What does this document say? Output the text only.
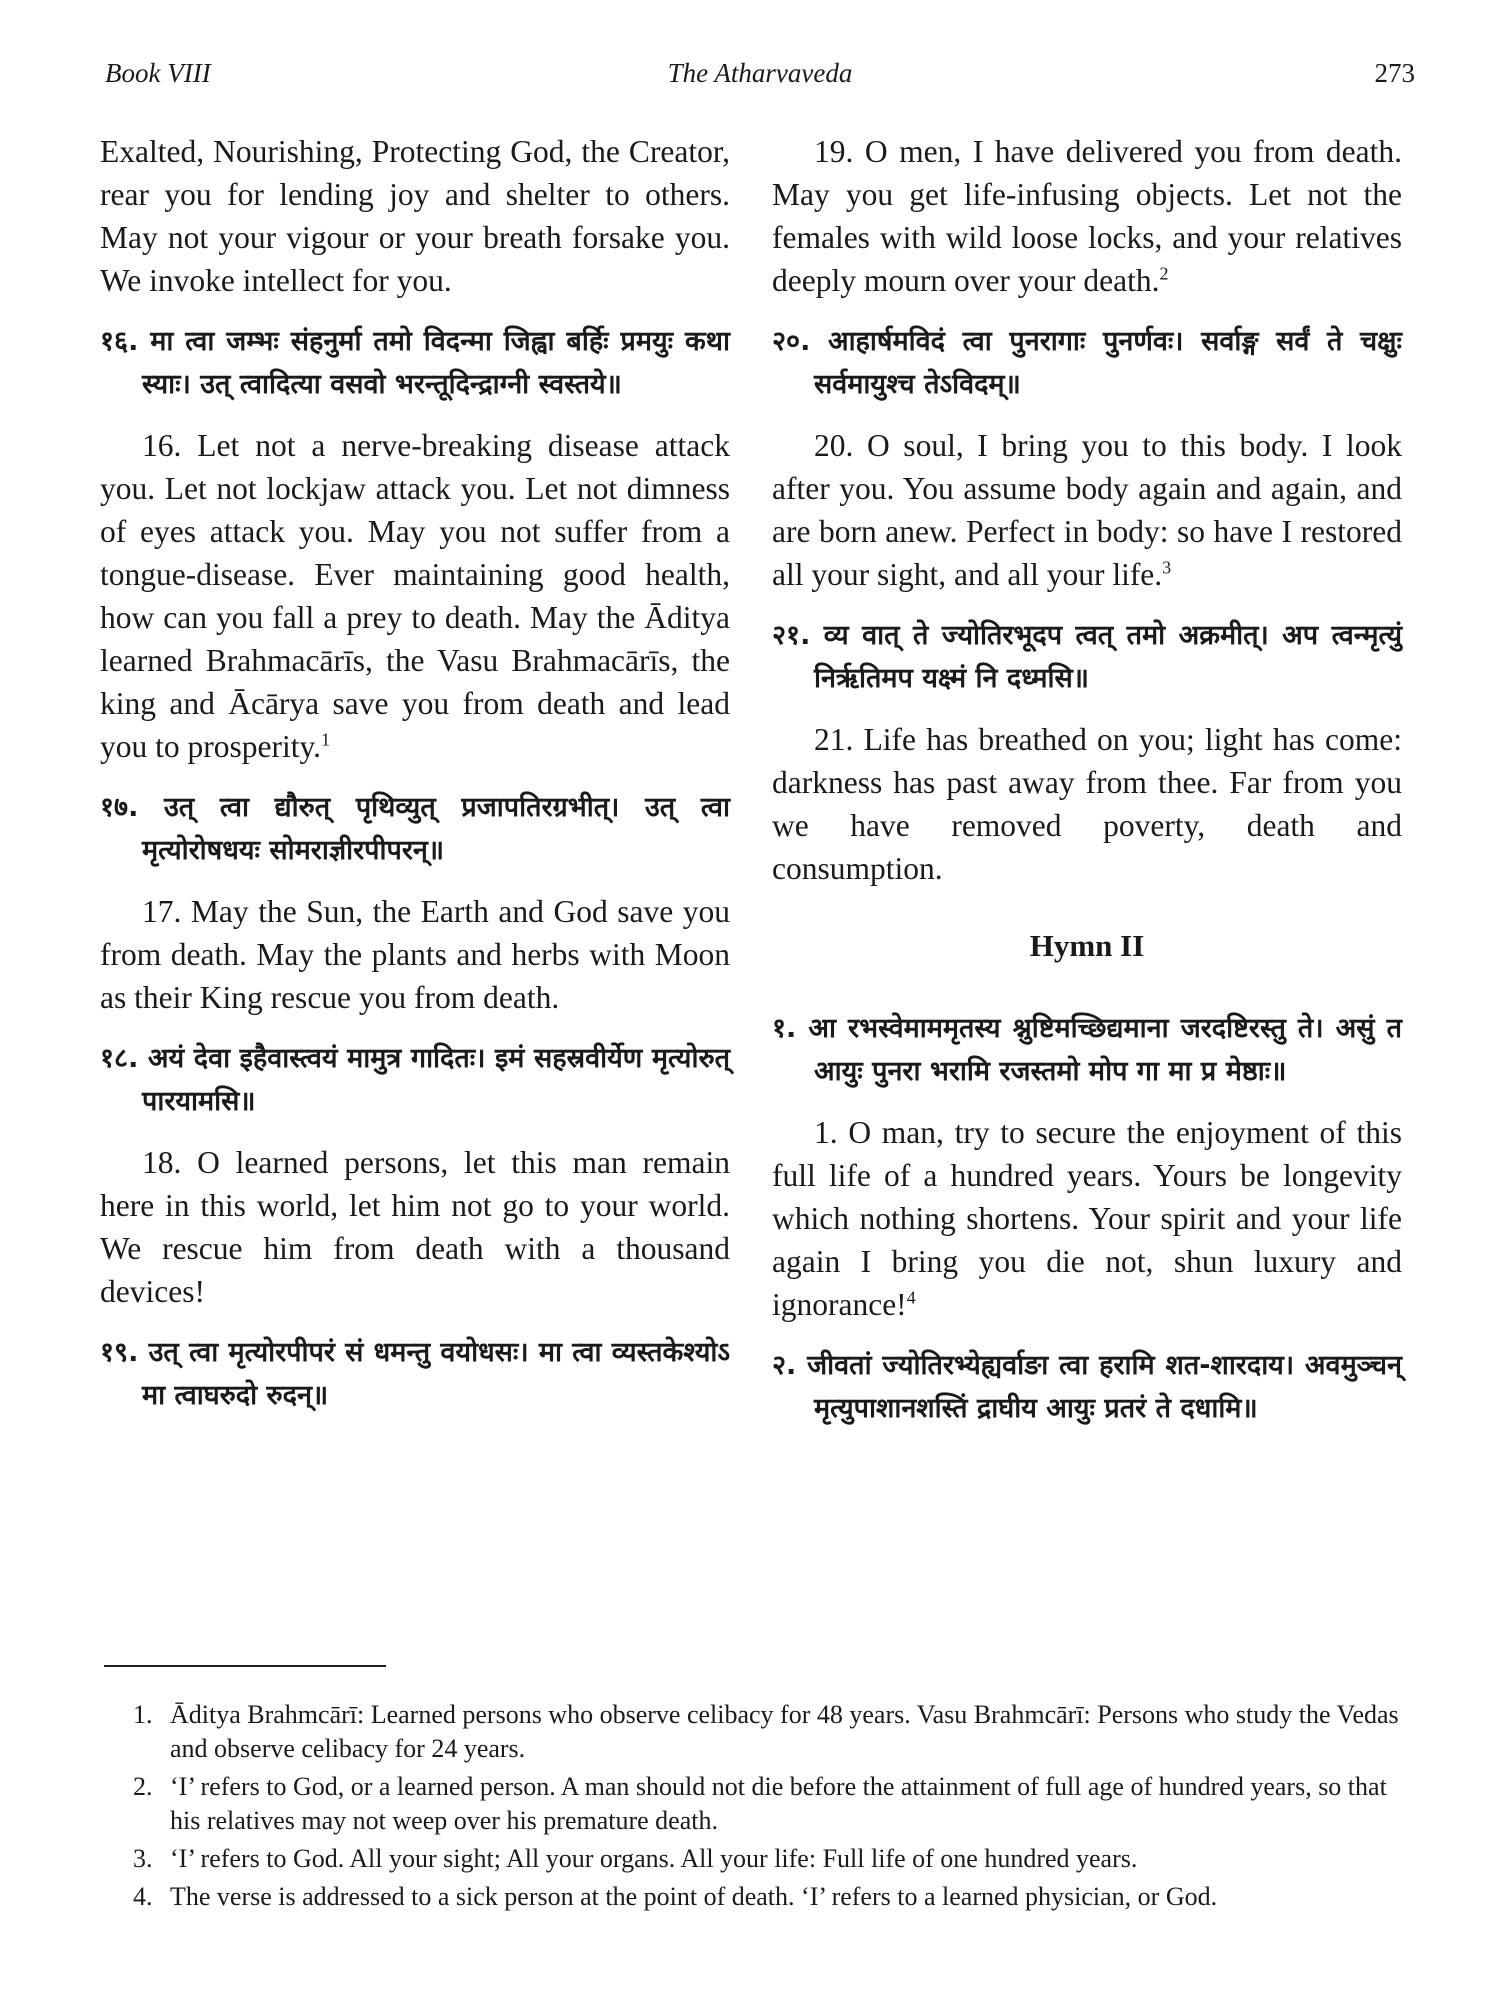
Book VIII	The Atharvaveda	273

Exalted, Nourishing, Protecting God, the Creator, rear you for lending joy and shelter to others. May not your vigour or your breath forsake you. We invoke intellect for you.

१६. मा त्वा जम्भः संहनुर्मा तमो विदन्मा जिह्वा बर्हिः प्रमयुः कथा स्याः। उत् त्वादित्या वसवो भरन्तूदिन्द्राग्नी स्वस्तये॥

16. Let not a nerve-breaking disease attack you. Let not lockjaw attack you. Let not dimness of eyes attack you. May you not suffer from a tongue-disease. Ever maintaining good health, how can you fall a prey to death. May the Āditya learned Brahmacārīs, the Vasu Brahmacārīs, the king and Ācārya save you from death and lead you to prosperity.$^1$

१७. उत् त्वा द्यौरुत् पृथिव्युत् प्रजापतिरग्रभीत्। उत् त्वा मृत्योरोषधयः सोमराज्ञीरपीपरन्॥

17. May the Sun, the Earth and God save you from death. May the plants and herbs with Moon as their King rescue you from death.

१८. अयं देवा इहैवास्त्वयं मामुत्र गादितः। इमं सहस्रवीर्येण मृत्योरुत् पारयामसि॥

18. O learned persons, let this man remain here in this world, let him not go to your world. We rescue him from death with a thousand devices!

१९. उत् त्वा मृत्योरपीपरं सं धमन्तु वयोधसः। मा त्वा व्यस्तकेश्योऽ मा त्वाघरुदो रुदन्॥

19. O men, I have delivered you from death. May you get life-infusing objects. Let not the females with wild loose locks, and your relatives deeply mourn over your death.$^2$

२०. आहार्षमविदं त्वा पुनरागाः पुनर्णवः। सर्वाङ्ग सर्वं ते चक्षुः सर्वमायुश्च तेऽविदम्॥

20. O soul, I bring you to this body. I look after you. You assume body again and again, and are born anew. Perfect in body: so have I restored all your sight, and all your life.$^3$

२१. व्य वात् ते ज्योतिरभूदप त्वत् तमो अक्रमीत्। अप त्वन्मृत्युं निर्ऋतिमप यक्ष्मं नि दध्मसि॥

21. Life has breathed on you; light has come: darkness has past away from thee. Far from you we have removed poverty, death and consumption.

Hymn II

१. आ रभस्वेमाममृतस्य श्नुष्टिमच्छिद्यमाना जरदष्टिरस्तु ते। असुं त आयुः पुनरा भरामि रजस्तमो मोप गा मा प्र मेष्ठाः॥

1. O man, try to secure the enjoyment of this full life of a hundred years. Yours be longevity which nothing shortens. Your spirit and your life again I bring you die not, shun luxury and ignorance!$^4$

२. जीवतां ज्योतिरभ्येह्यर्वाङा त्वा हरामि शत-शारदाय। अवमुञ्चन् मृत्युपाशानशस्तिं द्राघीय आयुः प्रतरं ते दधामि॥

1. Āditya Brahmcārī: Learned persons who observe celibacy for 48 years. Vasu Brahmcārī: Persons who study the Vedas and observe celibacy for 24 years.
2. ‘I’ refers to God, or a learned person. A man should not die before the attainment of full age of hundred years, so that his relatives may not weep over his premature death.
3. ‘I’ refers to God. All your sight; All your organs. All your life: Full life of one hundred years.
4. The verse is addressed to a sick person at the point of death. ‘I’ refers to a learned physician, or God.
